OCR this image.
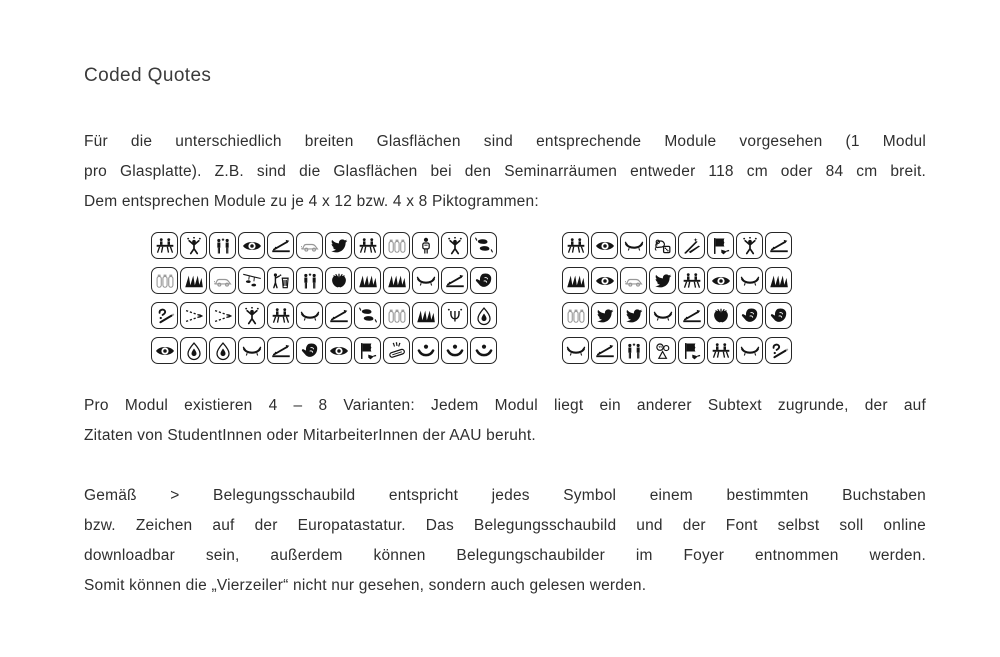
Coded Quotes
Für die unterschiedlich breiten Glasflächen sind entsprechende Module vorgesehen (1 Modul
pro Glasplatte). Z.B. sind die Glasflächen bei den Seminarräumen entweder 118 cm oder 84 cm breit.
Dem entsprechen Module zu je 4 x 12 bzw. 4 x 8 Piktogrammen:
Ψ
Pro Modul existieren 4 – 8 Varianten: Jedem Modul liegt ein anderer Subtext zugrunde, der auf
Zitaten von StudentInnen oder MitarbeiterInnen der AAU beruht.
Gemäß > Belegungsschaubild entspricht jedes Symbol einem bestimmten Buchstaben
bzw. Zeichen auf der Europatastatur. Das Belegungsschaubild und der Font selbst soll online
downloadbar sein, außerdem können Belegungschaubilder im Foyer entnommen werden.
Somit können die „Vierzeiler“ nicht nur gesehen, sondern auch gelesen werden.
